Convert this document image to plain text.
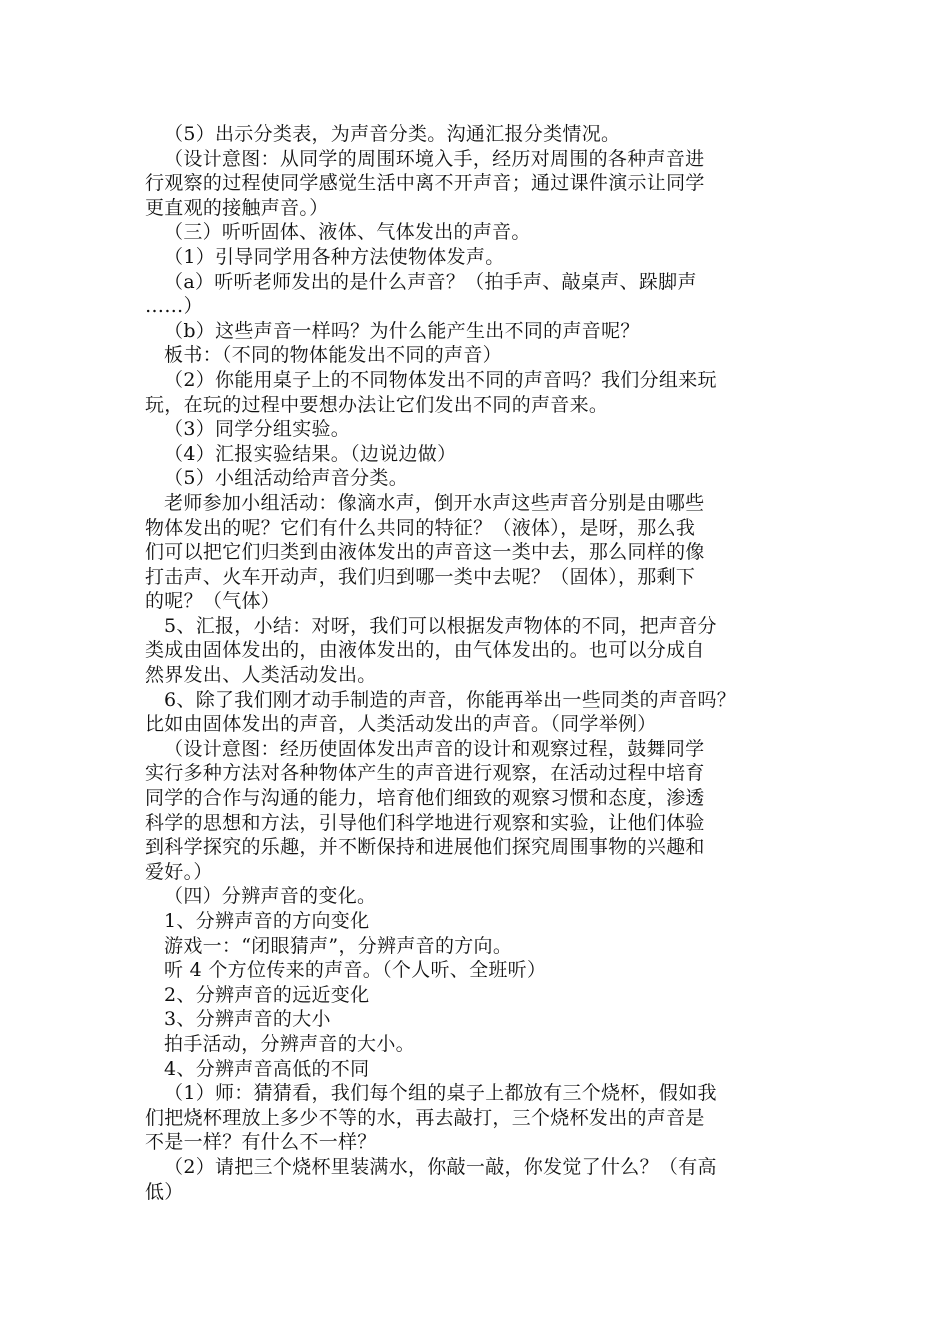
（5）出示分类表，为声音分类。沟通汇报分类情况。
（设计意图：从同学的周围环境入手，经历对周围的各种声音进
行观察的过程使同学感觉生活中离不开声音；通过课件演示让同学
更直观的接触声音。）
（三）听听固体、液体、气体发出的声音。
（1）引导同学用各种方法使物体发声。
（a）听听老师发出的是什么声音？（拍手声、敲桌声、跺脚声
……）
（b）这些声音一样吗？为什么能产生出不同的声音呢？
板书：（不同的物体能发出不同的声音）
（2）你能用桌子上的不同物体发出不同的声音吗？我们分组来玩
玩，在玩的过程中要想办法让它们发出不同的声音来。
（3）同学分组实验。
（4）汇报实验结果。（边说边做）
（5）小组活动给声音分类。
老师参加小组活动：像滴水声，倒开水声这些声音分别是由哪些
物体发出的呢？它们有什么共同的特征？（液体），是呀，那么我
们可以把它们归类到由液体发出的声音这一类中去，那么同样的像
打击声、火车开动声，我们归到哪一类中去呢？（固体），那剩下
的呢？（气体）
5、汇报，小结：对呀，我们可以根据发声物体的不同，把声音分
类成由固体发出的，由液体发出的，由气体发出的。也可以分成自
然界发出、人类活动发出。
6、除了我们刚才动手制造的声音，你能再举出一些同类的声音吗？
比如由固体发出的声音，人类活动发出的声音。（同学举例）
（设计意图：经历使固体发出声音的设计和观察过程，鼓舞同学
实行多种方法对各种物体产生的声音进行观察，在活动过程中培育
同学的合作与沟通的能力，培育他们细致的观察习惯和态度，渗透
科学的思想和方法，引导他们科学地进行观察和实验，让他们体验
到科学探究的乐趣，并不断保持和进展他们探究周围事物的兴趣和
爱好。）
（四）分辨声音的变化。
1、分辨声音的方向变化
游戏一：“闭眼猜声”，分辨声音的方向。
听 4 个方位传来的声音。（个人听、全班听）
2、分辨声音的远近变化
3、分辨声音的大小
拍手活动，分辨声音的大小。
4、分辨声音高低的不同
（1）师：猜猜看，我们每个组的桌子上都放有三个烧杯，假如我
们把烧杯理放上多少不等的水，再去敲打，三个烧杯发出的声音是
不是一样？有什么不一样？
（2）请把三个烧杯里装满水，你敲一敲，你发觉了什么？（有高
低）
